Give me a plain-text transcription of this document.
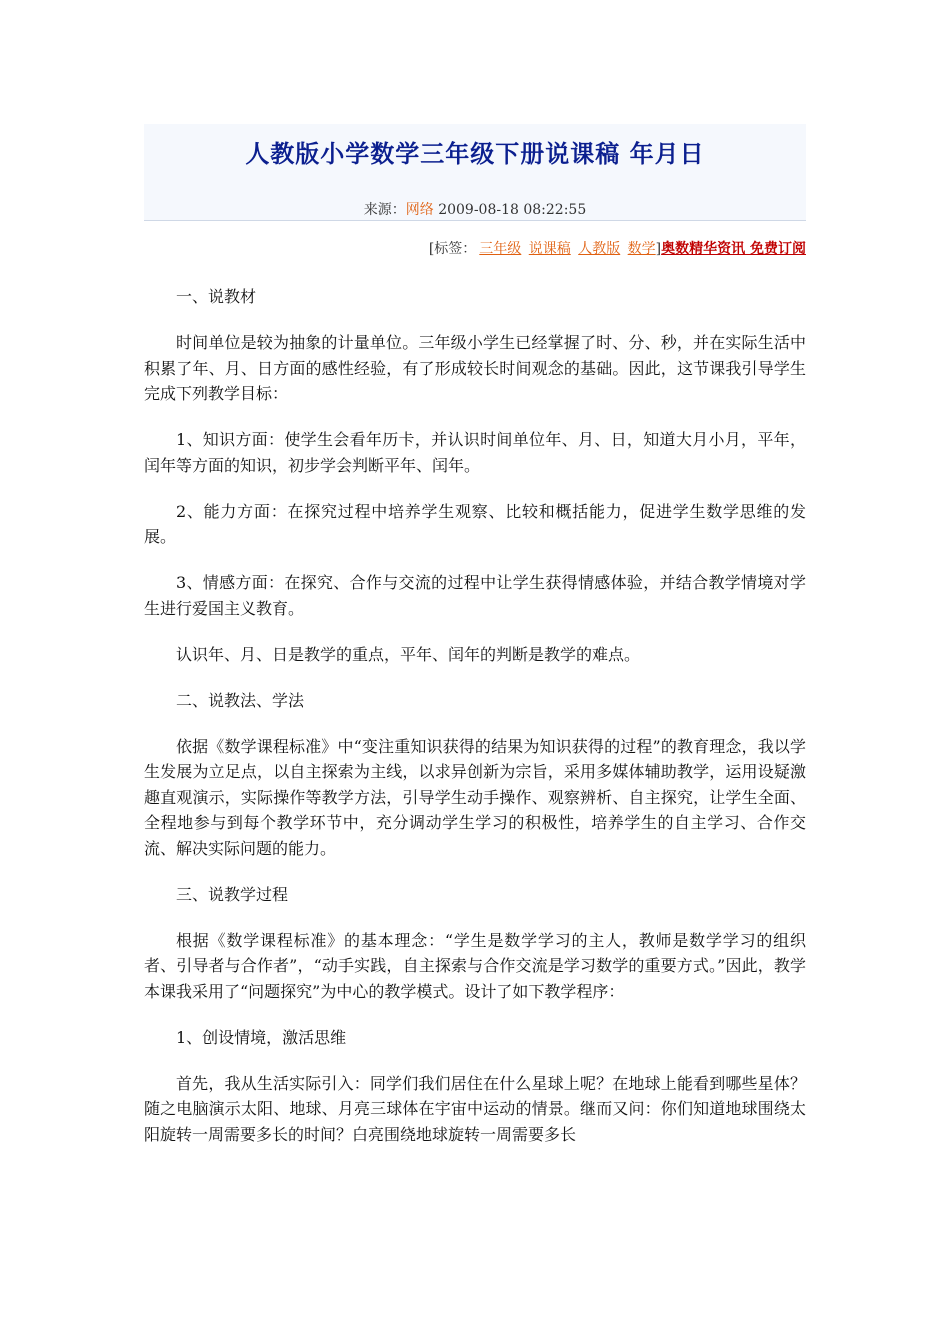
人教版小学数学三年级下册说课稿 年月日
来源：网络 2009-08-18 08:22:55
[标签： 三年级 说课稿 人教版 数学]奥数精华资讯 免费订阅

一、说教材

时间单位是较为抽象的计量单位。三年级小学生已经掌握了时、分、秒，并在实际生活中积累了年、月、日方面的感性经验，有了形成较长时间观念的基础。因此，这节课我引导学生完成下列教学目标：

1、知识方面：使学生会看年历卡，并认识时间单位年、月、日，知道大月小月，平年，闰年等方面的知识，初步学会判断平年、闰年。

2、能力方面：在探究过程中培养学生观察、比较和概括能力，促进学生数学思维的发展。

3、情感方面：在探究、合作与交流的过程中让学生获得情感体验，并结合教学情境对学生进行爱国主义教育。

认识年、月、日是教学的重点，平年、闰年的判断是教学的难点。

二、说教法、学法

依据《数学课程标准》中“变注重知识获得的结果为知识获得的过程”的教育理念，我以学生发展为立足点，以自主探索为主线，以求异创新为宗旨，采用多媒体辅助教学，运用设疑激趣直观演示，实际操作等教学方法，引导学生动手操作、观察辨析、自主探究，让学生全面、全程地参与到每个教学环节中，充分调动学生学习的积极性，培养学生的自主学习、合作交流、解决实际问题的能力。

三、说教学过程

根据《数学课程标准》的基本理念：“学生是数学学习的主人，教师是数学学习的组织者、引导者与合作者”，“动手实践，自主探索与合作交流是学习数学的重要方式。”因此，教学本课我采用了“问题探究”为中心的教学模式。设计了如下教学程序：

1、创设情境，激活思维

首先，我从生活实际引入：同学们我们居住在什么星球上呢？在地球上能看到哪些星体？随之电脑演示太阳、地球、月亮三球体在宇宙中运动的情景。继而又问：你们知道地球围绕太阳旋转一周需要多长的时间？白亮围绕地球旋转一周需要多长
